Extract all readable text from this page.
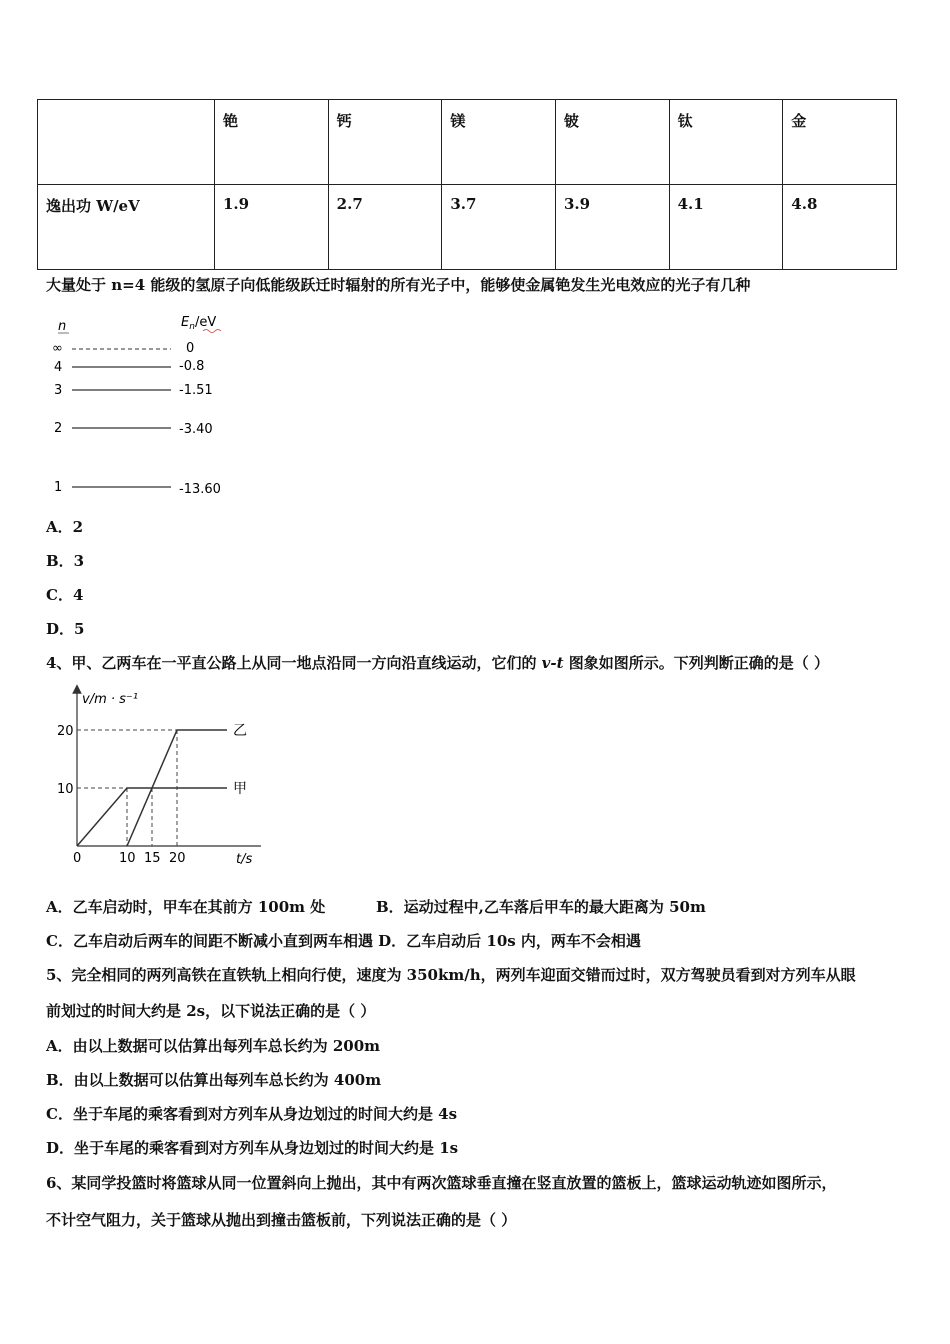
	铯	钙	镁	铍	钛	金
逸出功 W/eV	1.9	2.7	3.7	3.9	4.1	4.8
大量处于 n=4 能级的氢原子向低能级跃迁时辐射的所有光子中，能够使金属铯发生光电效应的光子有几种
n	$E_n/eV$
∞	0
4	-0.8
3	-1.51
2	-3.40
1	-13.60
A．2
B．3
C．4
D．5
4、甲、乙两车在一平直公路上从同一地点沿同一方向沿直线运动，它们的 v-t 图象如图所示。下列判断正确的是（ ）
v/m · s⁻¹
t/s
甲
乙
10
20
0	10 15 20
A．乙车启动时，甲车在其前方 100m 处	B．运动过程中,乙车落后甲车的最大距离为 50m
C．乙车启动后两车的间距不断减小直到两车相遇 D．乙车启动后 10s 内，两车不会相遇
5、完全相同的两列高铁在直铁轨上相向行使，速度为 350km/h，两列车迎面交错而过时，双方驾驶员看到对方列车从眼
前划过的时间大约是 2s，以下说法正确的是（ ）
A．由以上数据可以估算出每列车总长约为 200m
B．由以上数据可以估算出每列车总长约为 400m
C．坐于车尾的乘客看到对方列车从身边划过的时间大约是 4s
D．坐于车尾的乘客看到对方列车从身边划过的时间大约是 1s
6、某同学投篮时将篮球从同一位置斜向上抛出，其中有两次篮球垂直撞在竖直放置的篮板上，篮球运动轨迹如图所示，
不计空气阻力，关于篮球从抛出到撞击篮板前，下列说法正确的是（ ）
